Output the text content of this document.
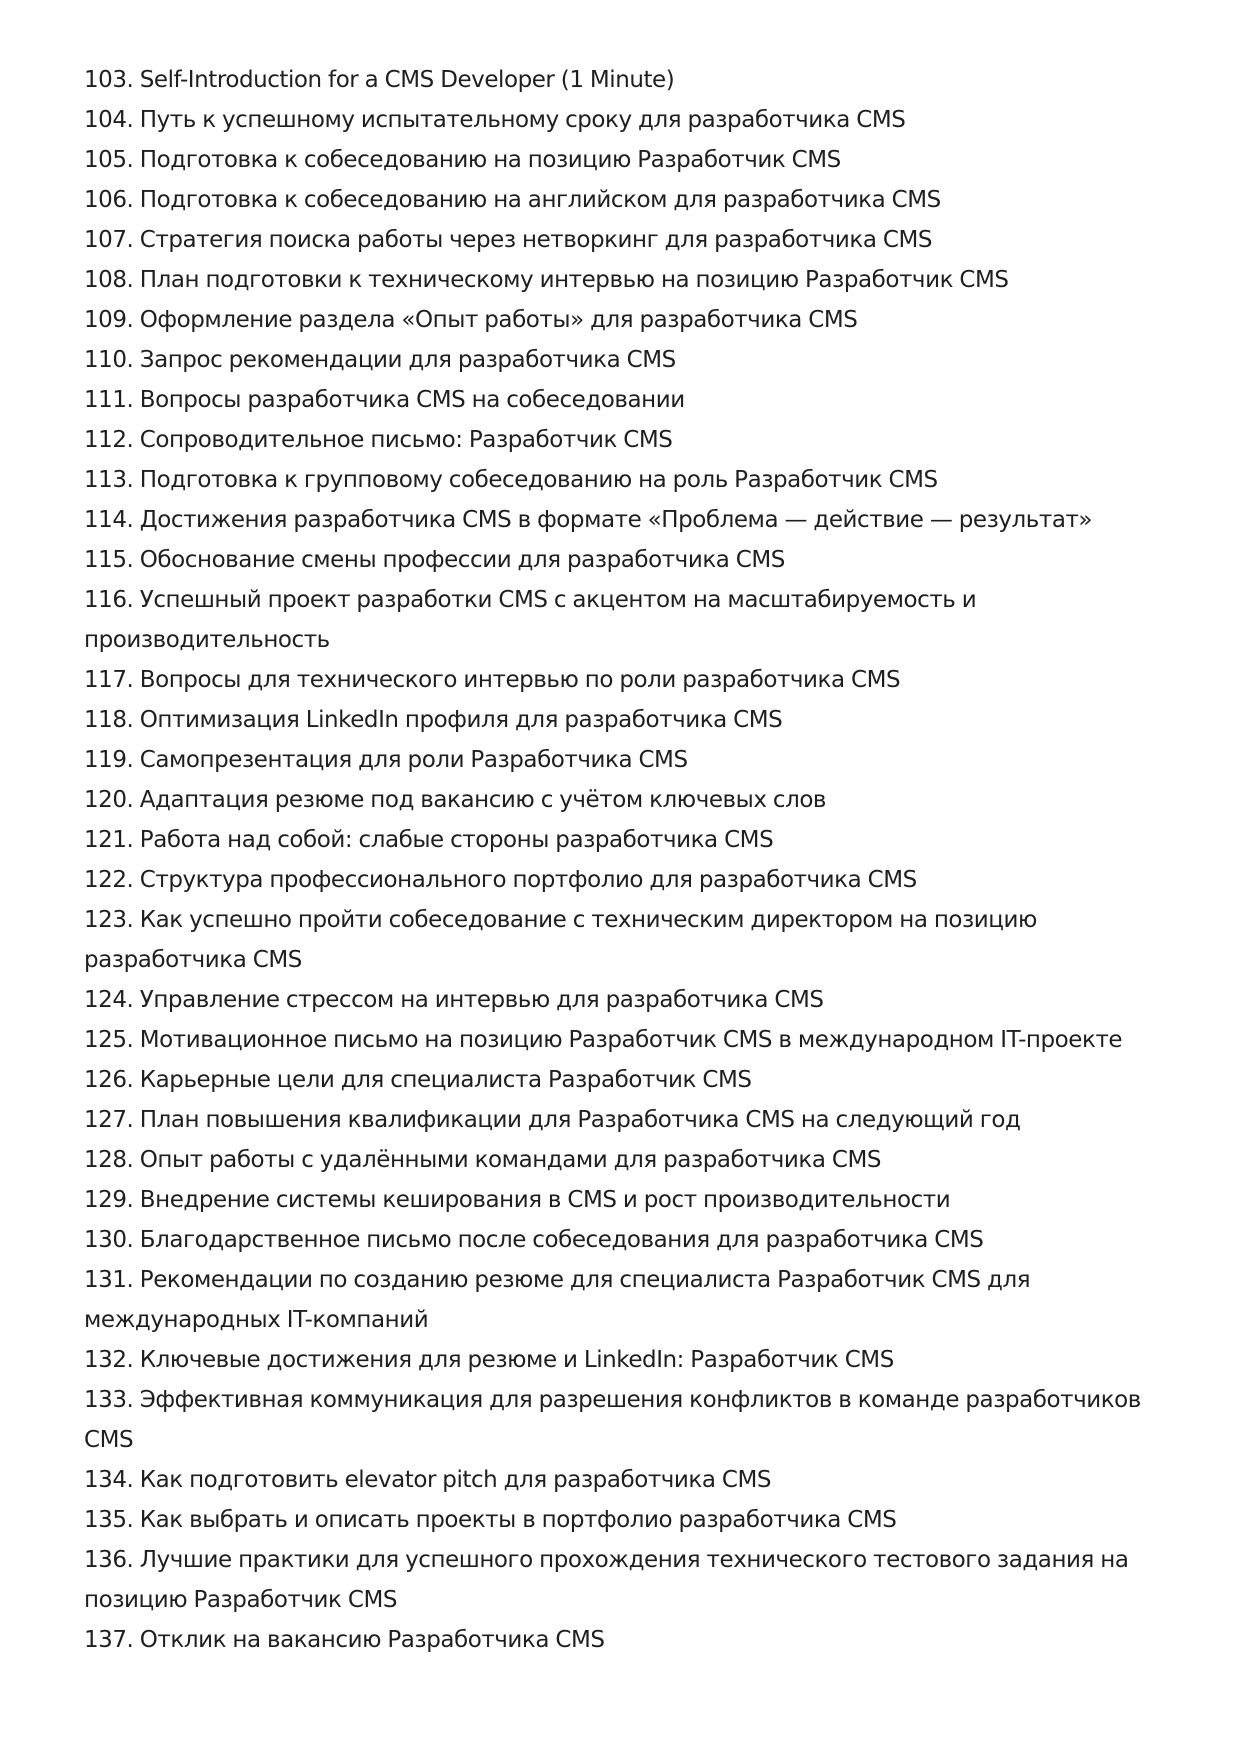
103. Self-Introduction for a CMS Developer (1 Minute)
104. Путь к успешному испытательному сроку для разработчика CMS
105. Подготовка к собеседованию на позицию Разработчик CMS
106. Подготовка к собеседованию на английском для разработчика CMS
107. Стратегия поиска работы через нетворкинг для разработчика CMS
108. План подготовки к техническому интервью на позицию Разработчик CMS
109. Оформление раздела «Опыт работы» для разработчика CMS
110. Запрос рекомендации для разработчика CMS
111. Вопросы разработчика CMS на собеседовании
112. Сопроводительное письмо: Разработчик CMS
113. Подготовка к групповому собеседованию на роль Разработчик CMS
114. Достижения разработчика CMS в формате «Проблема — действие — результат»
115. Обоснование смены профессии для разработчика CMS
116. Успешный проект разработки CMS с акцентом на масштабируемость и производительность
117. Вопросы для технического интервью по роли разработчика CMS
118. Оптимизация LinkedIn профиля для разработчика CMS
119. Самопрезентация для роли Разработчика CMS
120. Адаптация резюме под вакансию с учётом ключевых слов
121. Работа над собой: слабые стороны разработчика CMS
122. Структура профессионального портфолио для разработчика CMS
123. Как успешно пройти собеседование с техническим директором на позицию разработчика CMS
124. Управление стрессом на интервью для разработчика CMS
125. Мотивационное письмо на позицию Разработчик CMS в международном IT-проекте
126. Карьерные цели для специалиста Разработчик CMS
127. План повышения квалификации для Разработчика CMS на следующий год
128. Опыт работы с удалёнными командами для разработчика CMS
129. Внедрение системы кеширования в CMS и рост производительности
130. Благодарственное письмо после собеседования для разработчика CMS
131. Рекомендации по созданию резюме для специалиста Разработчик CMS для международных IT-компаний
132. Ключевые достижения для резюме и LinkedIn: Разработчик CMS
133. Эффективная коммуникация для разрешения конфликтов в команде разработчиков CMS
134. Как подготовить elevator pitch для разработчика CMS
135. Как выбрать и описать проекты в портфолио разработчика CMS
136. Лучшие практики для успешного прохождения технического тестового задания на позицию Разработчик CMS
137. Отклик на вакансию Разработчика CMS
